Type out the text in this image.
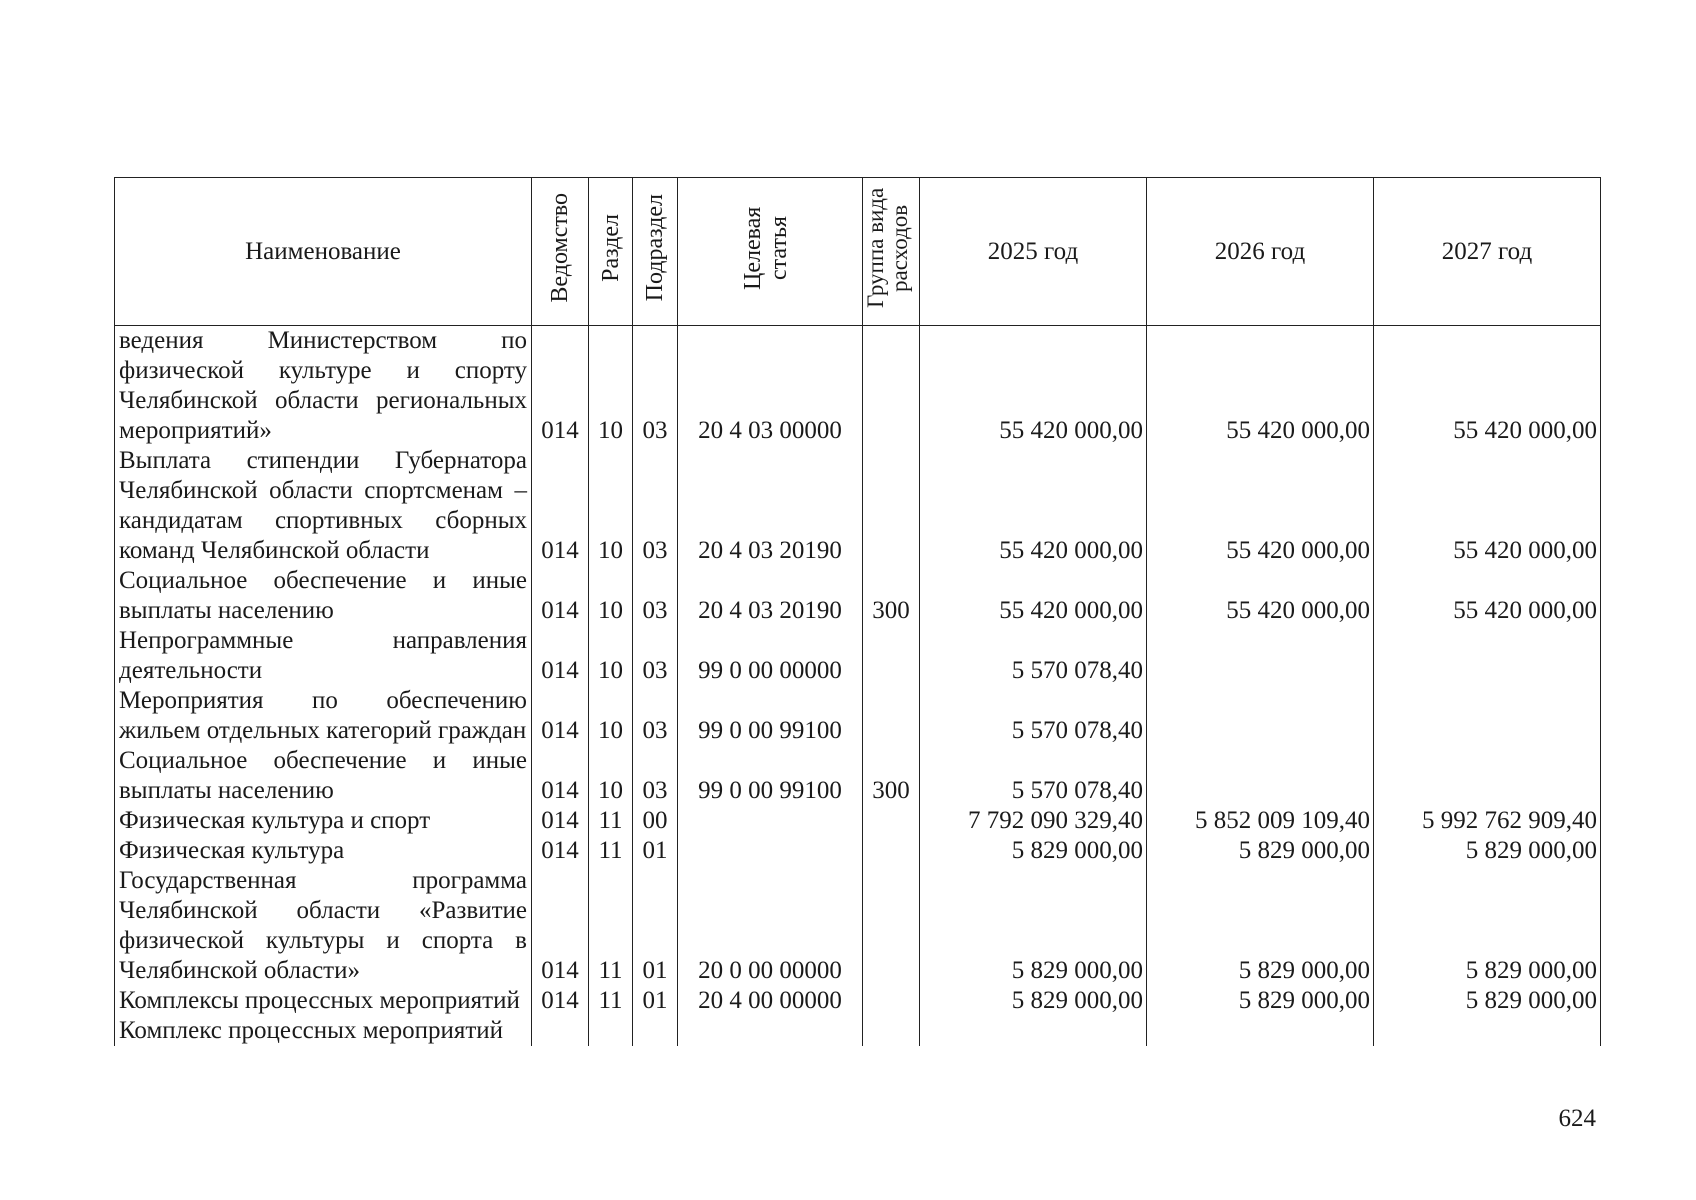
Наименование	Ведомство	Раздел	Подраздел	Целевая статья	Группа вида расходов	2025 год	2026 год	2027 год

ведения Министерством по физической культуре и спорту Челябинской области региональных мероприятий»	014	10	03	20 4 03 00000		55 420 000,00	55 420 000,00	55 420 000,00
Выплата стипендии Губернатора Челябинской области спортсменам – кандидатам спортивных сборных команд Челябинской области	014	10	03	20 4 03 20190		55 420 000,00	55 420 000,00	55 420 000,00
Социальное обеспечение и иные выплаты населению	014	10	03	20 4 03 20190	300	55 420 000,00	55 420 000,00	55 420 000,00
Непрограммные направления деятельности	014	10	03	99 0 00 00000		5 570 078,40		
Мероприятия по обеспечению жильем отдельных категорий граждан	014	10	03	99 0 00 99100		5 570 078,40		
Социальное обеспечение и иные выплаты населению	014	10	03	99 0 00 99100	300	5 570 078,40		
Физическая культура и спорт	014	11	00			7 792 090 329,40	5 852 009 109,40	5 992 762 909,40
Физическая культура	014	11	01			5 829 000,00	5 829 000,00	5 829 000,00
Государственная программа Челябинской области «Развитие физической культуры и спорта в Челябинской области»	014	11	01	20 0 00 00000		5 829 000,00	5 829 000,00	5 829 000,00
Комплексы процессных мероприятий	014	11	01	20 4 00 00000		5 829 000,00	5 829 000,00	5 829 000,00
Комплекс процессных мероприятий								
624
